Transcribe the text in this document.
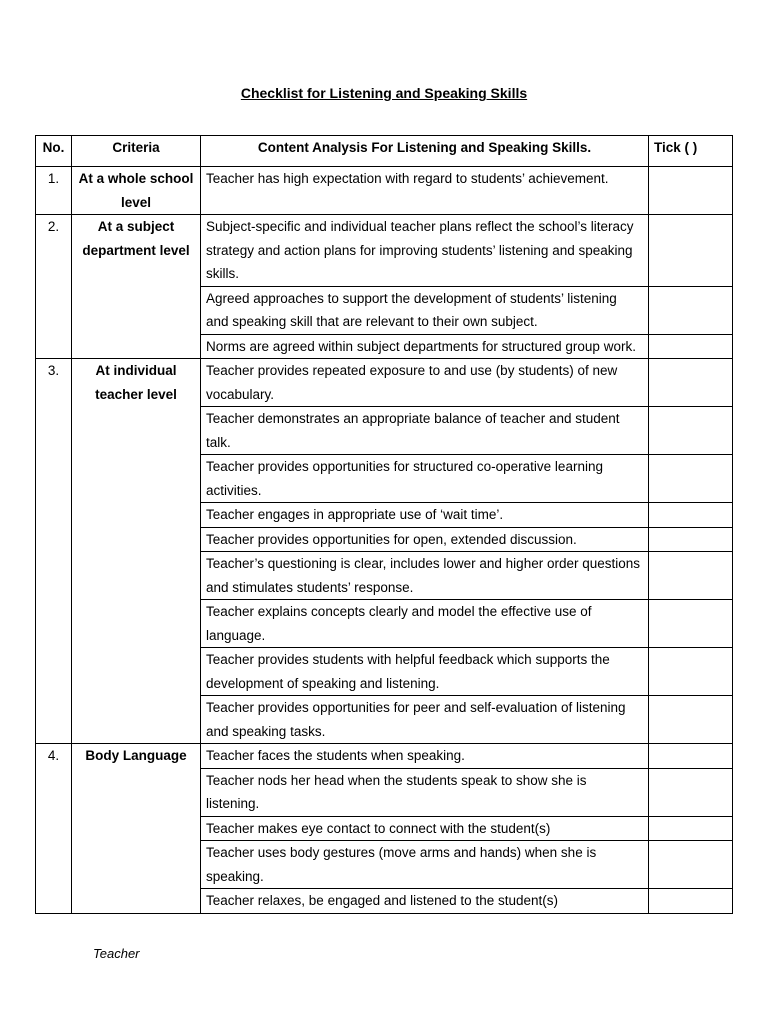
Checklist for Listening and Speaking Skills
No.	Criteria	Content Analysis For Listening and Speaking Skills.	Tick ( )
1.	At a whole school level	Teacher has high expectation with regard to students’ achievement.	
2.	At a subject department level	Subject-specific and individual teacher plans reflect the school’s literacy strategy and action plans for improving students’ listening and speaking skills.	
		Agreed approaches to support the development of students’ listening and speaking skill that are relevant to their own subject.	
		Norms are agreed within subject departments for structured group work.	
3.	At individual teacher level	Teacher provides repeated exposure to and use (by students) of new vocabulary.	
		Teacher demonstrates an appropriate balance of teacher and student talk.	
		Teacher provides opportunities for structured co-operative learning activities.	
		Teacher engages in appropriate use of ‘wait time’.	
		Teacher provides opportunities for open, extended discussion.	
		Teacher’s questioning is clear, includes lower and higher order questions and stimulates students’ response.	
		Teacher explains concepts clearly and model the effective use of language.	
		Teacher provides students with helpful feedback which supports the development of speaking and listening.	
		Teacher provides opportunities for peer and self-evaluation of listening and speaking tasks.	
4.	Body Language	Teacher faces the students when speaking.	
		Teacher nods her head when the students speak to show she is listening.	
		Teacher makes eye contact to connect with the student(s)	
		Teacher uses body gestures (move arms and hands) when she is speaking.	
		Teacher relaxes, be engaged and listened to the student(s)	
Teacher
